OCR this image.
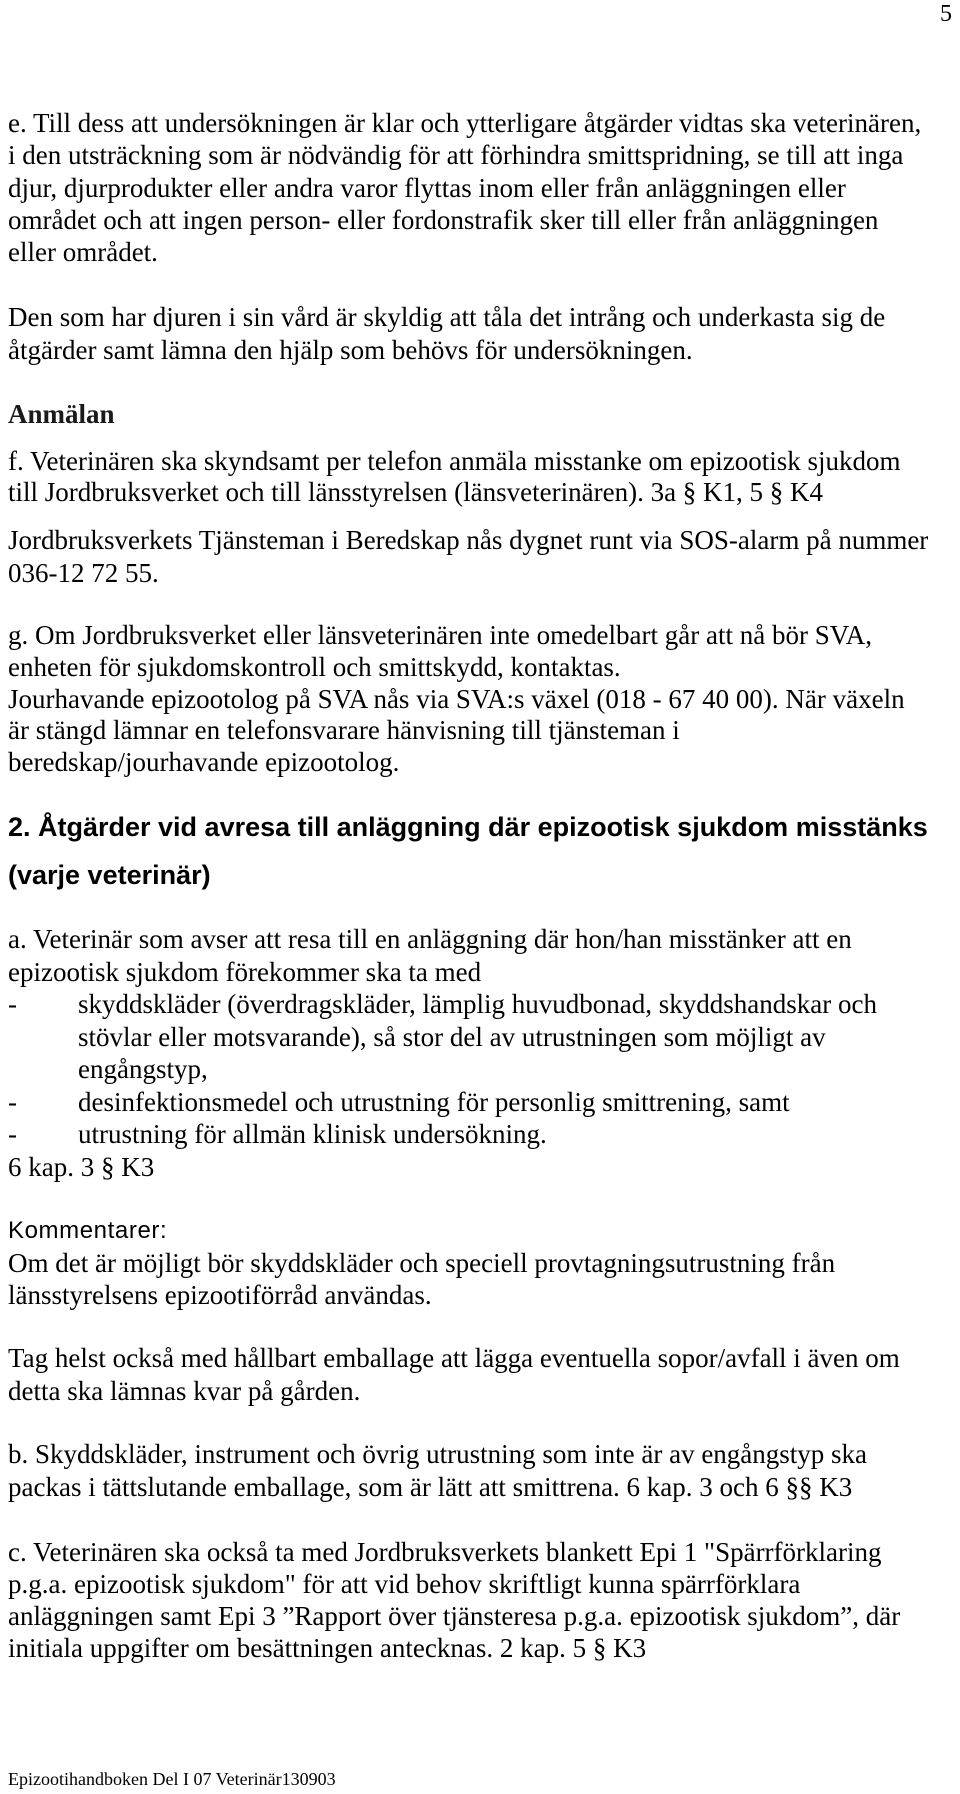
5
e. Till dess att undersökningen är klar och ytterligare åtgärder vidtas ska veterinären,
i den utsträckning som är nödvändig för att förhindra smittspridning, se till att inga
djur, djurprodukter eller andra varor flyttas inom eller från anläggningen eller
området och att ingen person- eller fordonstrafik sker till eller från anläggningen
eller området.
Den som har djuren i sin vård är skyldig att tåla det intrång och underkasta sig de
åtgärder samt lämna den hjälp som behövs för undersökningen.
Anmälan
f. Veterinären ska skyndsamt per telefon anmäla misstanke om epizootisk sjukdom
till Jordbruksverket och till länsstyrelsen (länsveterinären). 3a § K1, 5 § K4
Jordbruksverkets Tjänsteman i Beredskap nås dygnet runt via SOS-alarm på nummer
036-12 72 55.
g. Om Jordbruksverket eller länsveterinären inte omedelbart går att nå bör SVA,
enheten för sjukdomskontroll och smittskydd, kontaktas.
Jourhavande epizootolog på SVA nås via SVA:s växel (018 - 67 40 00). När växeln
är stängd lämnar en telefonsvarare hänvisning till tjänsteman i
beredskap/jourhavande epizootolog.
2. Åtgärder vid avresa till anläggning där epizootisk sjukdom misstänks
(varje veterinär)
a. Veterinär som avser att resa till en anläggning där hon/han misstänker att en
epizootisk sjukdom förekommer ska ta med
- skyddskläder (överdragskläder, lämplig huvudbonad, skyddshandskar och
stövlar eller motsvarande), så stor del av utrustningen som möjligt av
engångstyp,
- desinfektionsmedel och utrustning för personlig smittrening, samt
- utrustning för allmän klinisk undersökning.
6 kap. 3 § K3
Kommentarer:
Om det är möjligt bör skyddskläder och speciell provtagningsutrustning från
länsstyrelsens epizootiförråd användas.
Tag helst också med hållbart emballage att lägga eventuella sopor/avfall i även om
detta ska lämnas kvar på gården.
b. Skyddskläder, instrument och övrig utrustning som inte är av engångstyp ska
packas i tättslutande emballage, som är lätt att smittrena. 6 kap. 3 och 6 §§ K3
c. Veterinären ska också ta med Jordbruksverkets blankett Epi 1 "Spärrförklaring
p.g.a. epizootisk sjukdom" för att vid behov skriftligt kunna spärrförklara
anläggningen samt Epi 3 ”Rapport över tjänsteresa p.g.a. epizootisk sjukdom”, där
initiala uppgifter om besättningen antecknas. 2 kap. 5 § K3
Epizootihandboken Del I 07 Veterinär130903
